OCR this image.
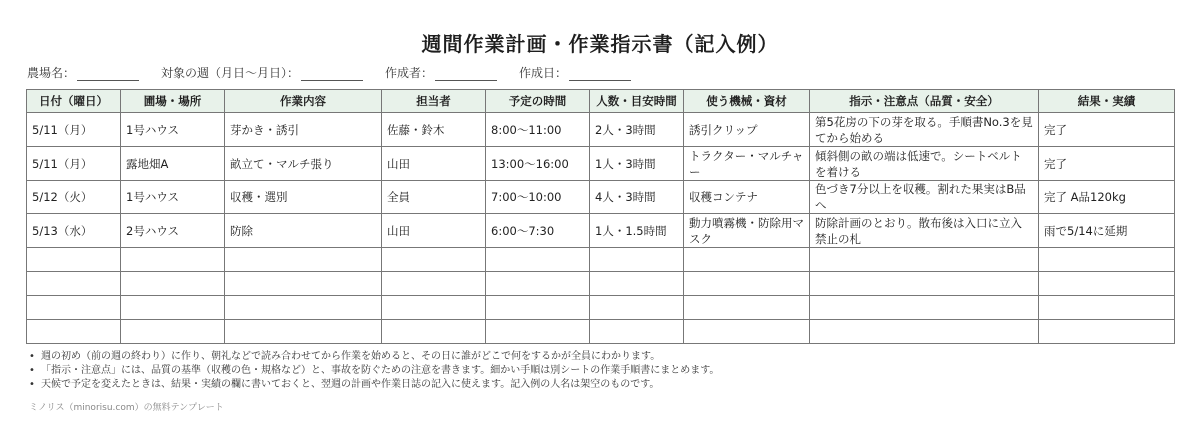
週間作業計画・作業指示書（記入例）
農場名：	対象の週（月日〜月日）：	作成者：	作成日：
日付（曜日）	圃場・場所	作業内容	担当者	予定の時間	人数・目安時間	使う機械・資材	指示・注意点（品質・安全）	結果・実績
5/11（月）	1号ハウス	芽かき・誘引	佐藤・鈴木	8:00〜11:00	2人・3時間	誘引クリップ	第5花房の下の芽を取る。手順書No.3を見てから始める	完了
5/11（月）	露地畑A	畝立て・マルチ張り	山田	13:00〜16:00	1人・3時間	トラクター・マルチャー	傾斜側の畝の端は低速で。シートベルトを着ける	完了
5/12（火）	1号ハウス	収穫・選別	全員	7:00〜10:00	4人・3時間	収穫コンテナ	色づき7分以上を収穫。割れた果実はB品へ	完了 A品120kg
5/13（水）	2号ハウス	防除	山田	6:00〜7:30	1人・1.5時間	動力噴霧機・防除用マスク	防除計画のとおり。散布後は入口に立入禁止の札	雨で5/14に延期

• 週の初め（前の週の終わり）に作り、朝礼などで読み合わせてから作業を始めると、その日に誰がどこで何をするかが全員にわかります。
• 「指示・注意点」には、品質の基準（収穫の色・規格など）と、事故を防ぐための注意を書きます。細かい手順は別シートの作業手順書にまとめます。
• 天候で予定を変えたときは、結果・実績の欄に書いておくと、翌週の計画や作業日誌の記入に使えます。記入例の人名は架空のものです。
ミノリス（minorisu.com）の無料テンプレート
